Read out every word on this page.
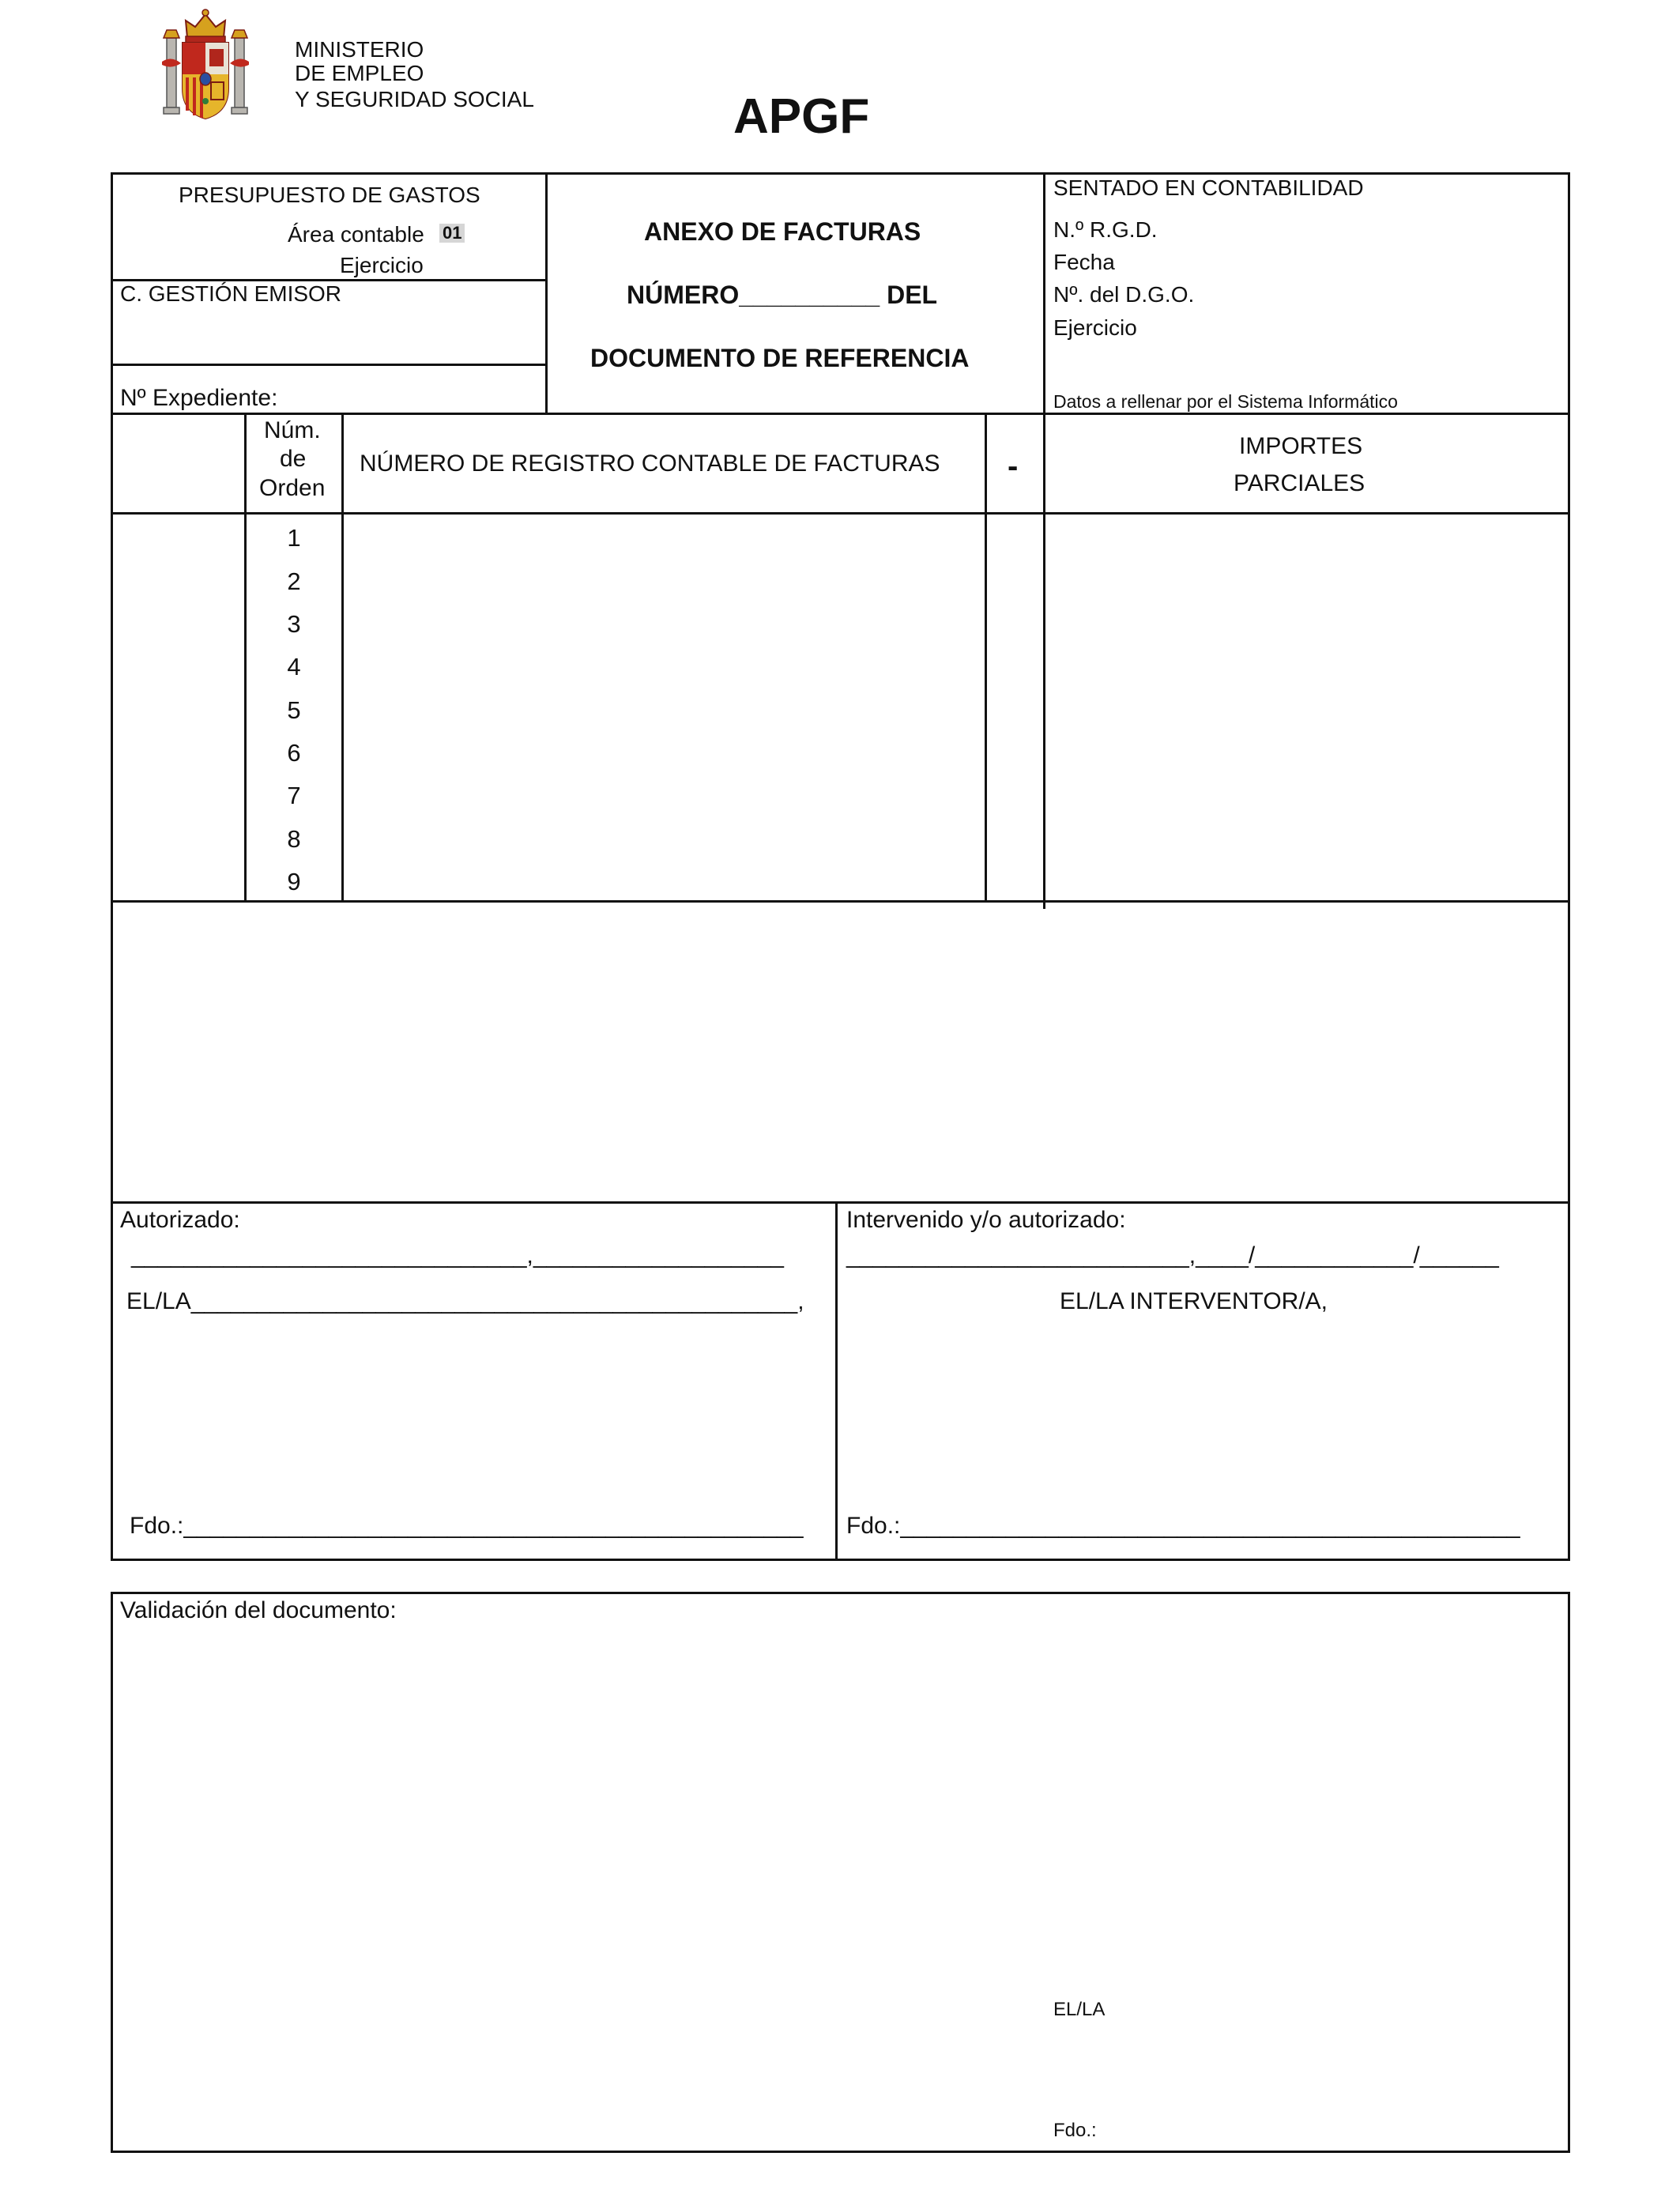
MINISTERIO
DE EMPLEO
Y SEGURIDAD SOCIAL	APGF
PRESUPUESTO DE GASTOS
Área contable 01
Ejercicio
C. GESTIÓN EMISOR
Nº Expediente:
ANEXO DE FACTURAS
NÚMERO__________ DEL
DOCUMENTO DE REFERENCIA
SENTADO EN CONTABILIDAD
N.º R.G.D.
Fecha
Nº. del D.G.O.
Ejercicio
Datos a rellenar por el Sistema Informático
Núm.
de
Orden
NÚMERO DE REGISTRO CONTABLE DE FACTURAS -
IMPORTES
PARCIALES
1
2
3
4
5
6
7
8
9
Autorizado:
______________________________,___________________
EL/LA______________________________________________,
Fdo.:_______________________________________________
Intervenido y/o autorizado:
__________________________,____/____________/______
EL/LA INTERVENTOR/A,
Fdo.:_______________________________________________
Validación del documento:
EL/LA
Fdo.:
